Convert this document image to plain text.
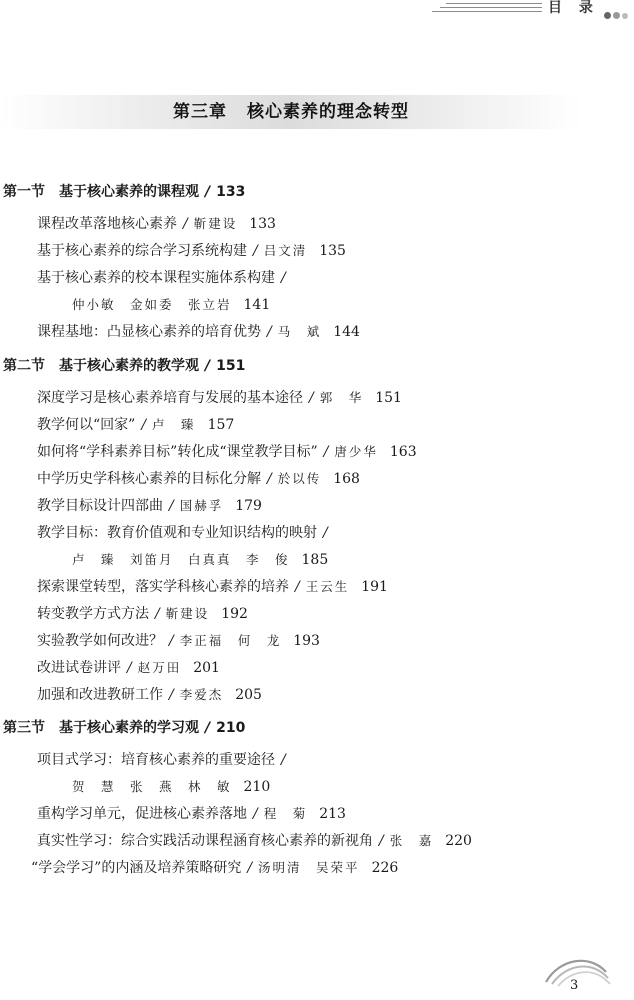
目 录
第三章 核心素养的理念转型
第一节 基于核心素养的课程观 / 133
课程改革落地核心素养 / 靳建设 133
基于核心素养的综合学习系统构建 / 吕文清 135
基于核心素养的校本课程实施体系构建 /
仲小敏　金如委　张立岩 141
课程基地：凸显核心素养的培育优势 / 马　斌 144
第二节 基于核心素养的教学观 / 151
深度学习是核心素养培育与发展的基本途径 / 郭　华 151
教学何以“回家” / 卢　臻 157
如何将“学科素养目标”转化成“课堂教学目标” / 唐少华 163
中学历史学科核心素养的目标化分解 / 於以传 168
教学目标设计四部曲 / 国赫孚 179
教学目标：教育价值观和专业知识结构的映射 /
卢　臻　刘笛月　白真真　李　俊 185
探索课堂转型，落实学科核心素养的培养 / 王云生 191
转变教学方式方法 / 靳建设 192
实验教学如何改进？ / 李正福　何　龙 193
改进试卷讲评 / 赵万田 201
加强和改进教研工作 / 李爱杰 205
第三节 基于核心素养的学习观 / 210
项目式学习：培育核心素养的重要途径 /
贺　慧　张　燕　林　敏 210
重构学习单元，促进核心素养落地 / 程　菊 213
真实性学习：综合实践活动课程涵育核心素养的新视角 / 张　嘉 220
“学会学习”的内涵及培养策略研究 / 汤明清　吴荣平 226
3
